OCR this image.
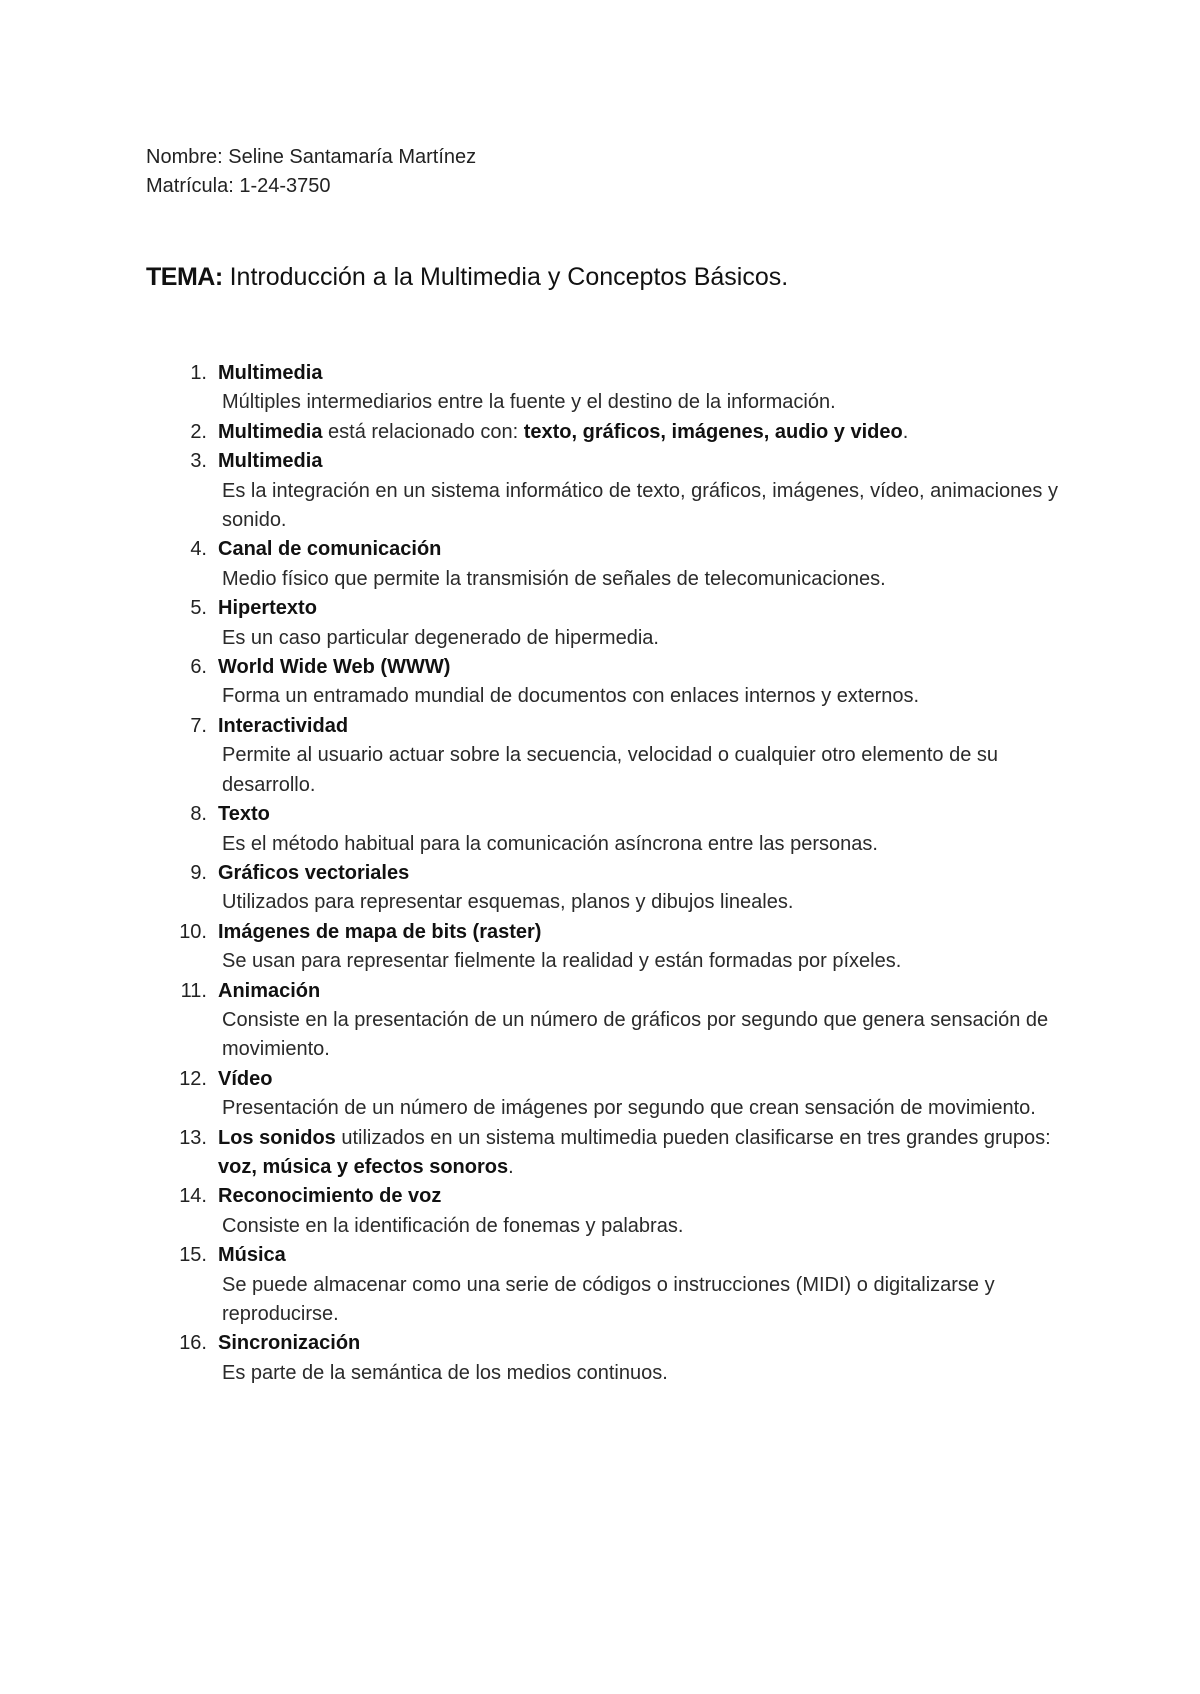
Nombre: Seline Santamaría Martínez
Matrícula: 1-24-3750
TEMA: Introducción a la Multimedia y Conceptos Básicos.
1. Multimedia
Múltiples intermediarios entre la fuente y el destino de la información.
2. Multimedia está relacionado con: texto, gráficos, imágenes, audio y video.
3. Multimedia
Es la integración en un sistema informático de texto, gráficos, imágenes, vídeo, animaciones y sonido.
4. Canal de comunicación
Medio físico que permite la transmisión de señales de telecomunicaciones.
5. Hipertexto
Es un caso particular degenerado de hipermedia.
6. World Wide Web (WWW)
Forma un entramado mundial de documentos con enlaces internos y externos.
7. Interactividad
Permite al usuario actuar sobre la secuencia, velocidad o cualquier otro elemento de su desarrollo.
8. Texto
Es el método habitual para la comunicación asíncrona entre las personas.
9. Gráficos vectoriales
Utilizados para representar esquemas, planos y dibujos lineales.
10. Imágenes de mapa de bits (raster)
Se usan para representar fielmente la realidad y están formadas por píxeles.
11. Animación
Consiste en la presentación de un número de gráficos por segundo que genera sensación de movimiento.
12. Vídeo
Presentación de un número de imágenes por segundo que crean sensación de movimiento.
13. Los sonidos utilizados en un sistema multimedia pueden clasificarse en tres grandes grupos: voz, música y efectos sonoros.
14. Reconocimiento de voz
Consiste en la identificación de fonemas y palabras.
15. Música
Se puede almacenar como una serie de códigos o instrucciones (MIDI) o digitalizarse y reproducirse.
16. Sincronización
Es parte de la semántica de los medios continuos.
